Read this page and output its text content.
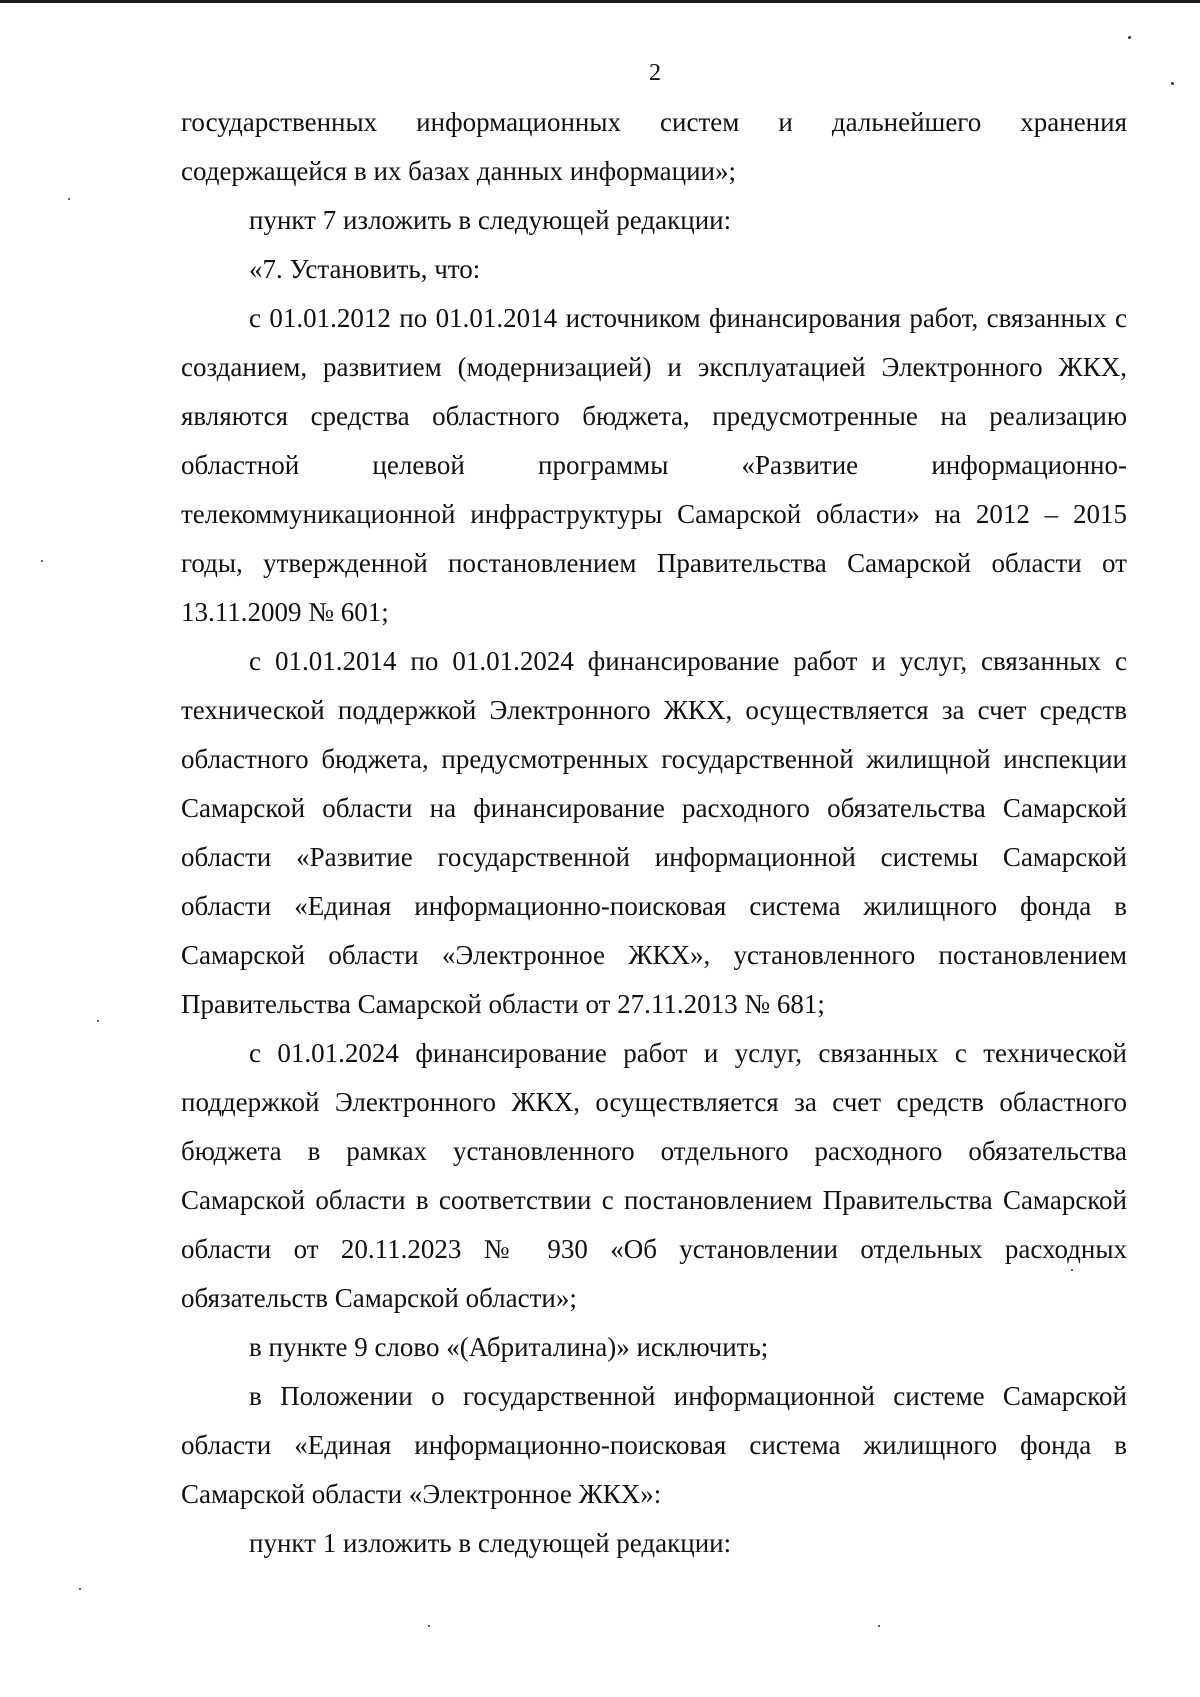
2

государственных информационных систем и дальнейшего хранения содержащейся в их базах данных информации»;

пункт 7 изложить в следующей редакции:

«7. Установить, что:

с 01.01.2012 по 01.01.2014 источником финансирования работ, связанных с созданием, развитием (модернизацией) и эксплуатацией Электронного ЖКХ, являются средства областного бюджета, предусмотренные на реализацию областной целевой программы «Развитие информационно-телекоммуникационной инфраструктуры Самарской области» на 2012 – 2015 годы, утвержденной постановлением Правительства Самарской области от 13.11.2009 № 601;

с 01.01.2014 по 01.01.2024 финансирование работ и услуг, связанных с технической поддержкой Электронного ЖКХ, осуществляется за счет средств областного бюджета, предусмотренных государственной жилищной инспекции Самарской области на финансирование расходного обязательства Самарской области «Развитие государственной информационной системы Самарской области «Единая информационно-поисковая система жилищного фонда в Самарской области «Электронное ЖКХ», установленного постановлением Правительства Самарской области от 27.11.2013 № 681;

с 01.01.2024 финансирование работ и услуг, связанных с технической поддержкой Электронного ЖКХ, осуществляется за счет средств областного бюджета в рамках установленного отдельного расходного обязательства Самарской области в соответствии с постановлением Правительства Самарской области от 20.11.2023 № 930 «Об установлении отдельных расходных обязательств Самарской области»;

в пункте 9 слово «(Абриталина)» исключить;

в Положении о государственной информационной системе Самарской области «Единая информационно-поисковая система жилищного фонда в Самарской области «Электронное ЖКХ»:

пункт 1 изложить в следующей редакции:
